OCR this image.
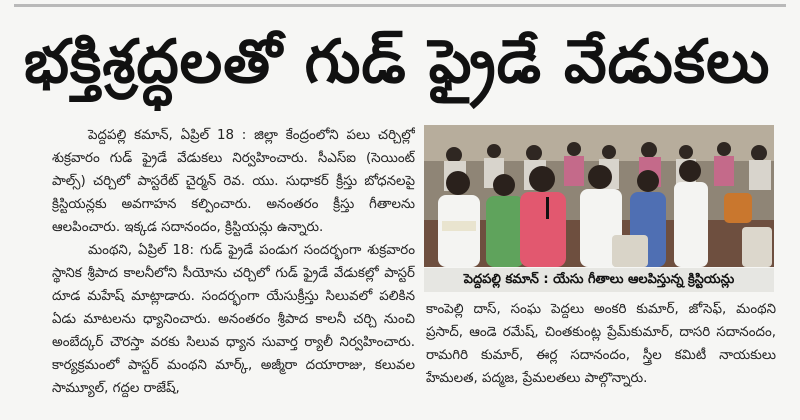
భక్తిశ్రద్ధలతో గుడ్ ఫ్రైడే వేడుకలు

పెద్దపల్లి కమాన్, ఏప్రిల్ 18 : జిల్లా కేంద్రంలోని పలు చర్చిల్లో శుక్రవారం గుడ్ ఫ్రైడే వేడుకలు నిర్వహించారు. సీఎస్ఐ (సెయింట్ పాల్స్) చర్చిలో పాస్టరేట్ చైర్మన్ రెవ. యు. సుధాకర్ క్రీస్తు బోధనలపై క్రిస్టియన్లకు అవగాహన కల్పించారు. అనంతరం క్రీస్తు గీతాలను ఆలపించారు. ఇక్కడ సదానందం, క్రిస్టియన్లు ఉన్నారు.

మంథని, ఏప్రిల్ 18: గుడ్ ఫ్రైడే పండుగ సందర్భంగా శుక్రవారం స్థానిక శ్రీపాద కాలనీలోని సీయోను చర్చిలో గుడ్ ఫ్రైడే వేడుకల్లో పాస్టర్ దూడ మహేష్ మాట్లాడారు. సందర్భంగా యేసుక్రీస్తు సిలువలో పలికిన ఏడు మాటలను ధ్యానించారు. అనంతరం శ్రీపాద కాలనీ చర్చి నుంచి అంబేద్కర్ చౌరస్తా వరకు సిలువ ధ్యాన సువార్త ర్యాలీ నిర్వహించారు. కార్యక్రమంలో పాస్టర్ మంథని మార్క్, అజ్మీరా దయారాజు, కలువల సామ్యూల్, గద్దల రాజేష్,

పెద్దపల్లి కమాన్ : యేసు గీతాలు ఆలపిస్తున్న క్రిస్టియన్లు

కాంపెల్లి దాస్, సంఘ పెద్దలు అంకరి కుమార్, జోసెఫ్, మంథని ప్రసాద్, ఆండె రమేష్, చింతకుంట్ల ప్రేమ్‌కుమార్, దాసరి సదానందం, రామగిరి కుమార్, ఈర్ల సదానందం, స్త్రీల కమిటీ నాయకులు హేమలత, పద్మజ, ప్రేమలతలు పాల్గొన్నారు.
